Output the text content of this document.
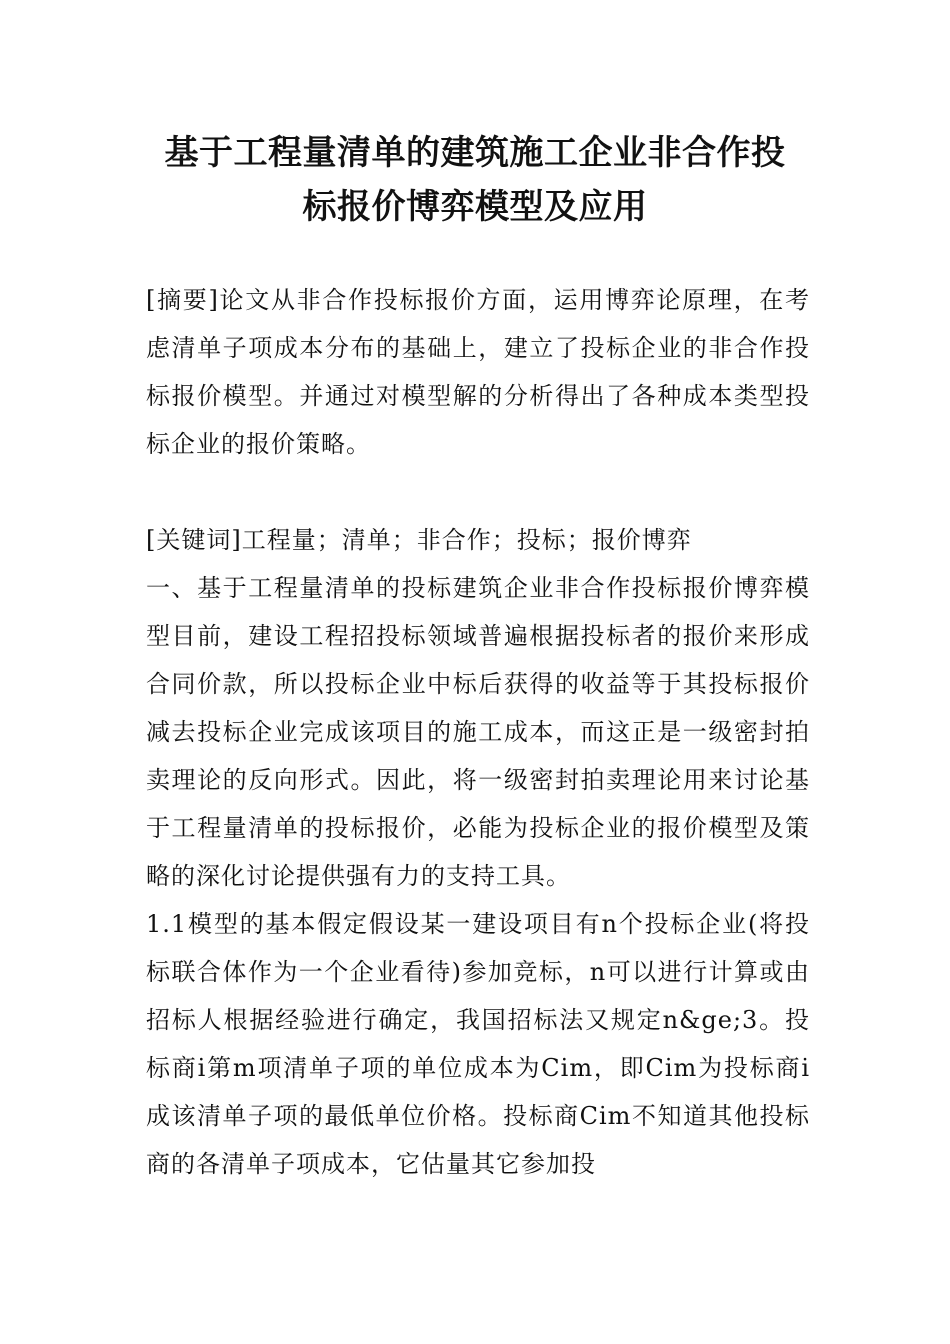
基于工程量清单的建筑施工企业非合作投
标报价博弈模型及应用

[摘要]论文从非合作投标报价方面，运用博弈论原理，在考虑清单子项成本分布的基础上，建立了投标企业的非合作投标报价模型。并通过对模型解的分析得出了各种成本类型投标企业的报价策略。

[关键词]工程量；清单；非合作；投标；报价博弈

一、基于工程量清单的投标建筑企业非合作投标报价博弈模型目前，建设工程招投标领域普遍根据投标者的报价来形成合同价款，所以投标企业中标后获得的收益等于其投标报价减去投标企业完成该项目的施工成本，而这正是一级密封拍卖理论的反向形式。因此，将一级密封拍卖理论用来讨论基于工程量清单的投标报价，必能为投标企业的报价模型及策略的深化讨论提供强有力的支持工具。

1.1模型的基本假定假设某一建设项目有n个投标企业(将投标联合体作为一个企业看待)参加竞标，n可以进行计算或由招标人根据经验进行确定，我国招标法又规定n&ge;3。投标商i第m项清单子项的单位成本为Cim，即Cim为投标商i成该清单子项的最低单位价格。投标商Cim不知道其他投标商的各清单子项成本，它估量其它参加投
